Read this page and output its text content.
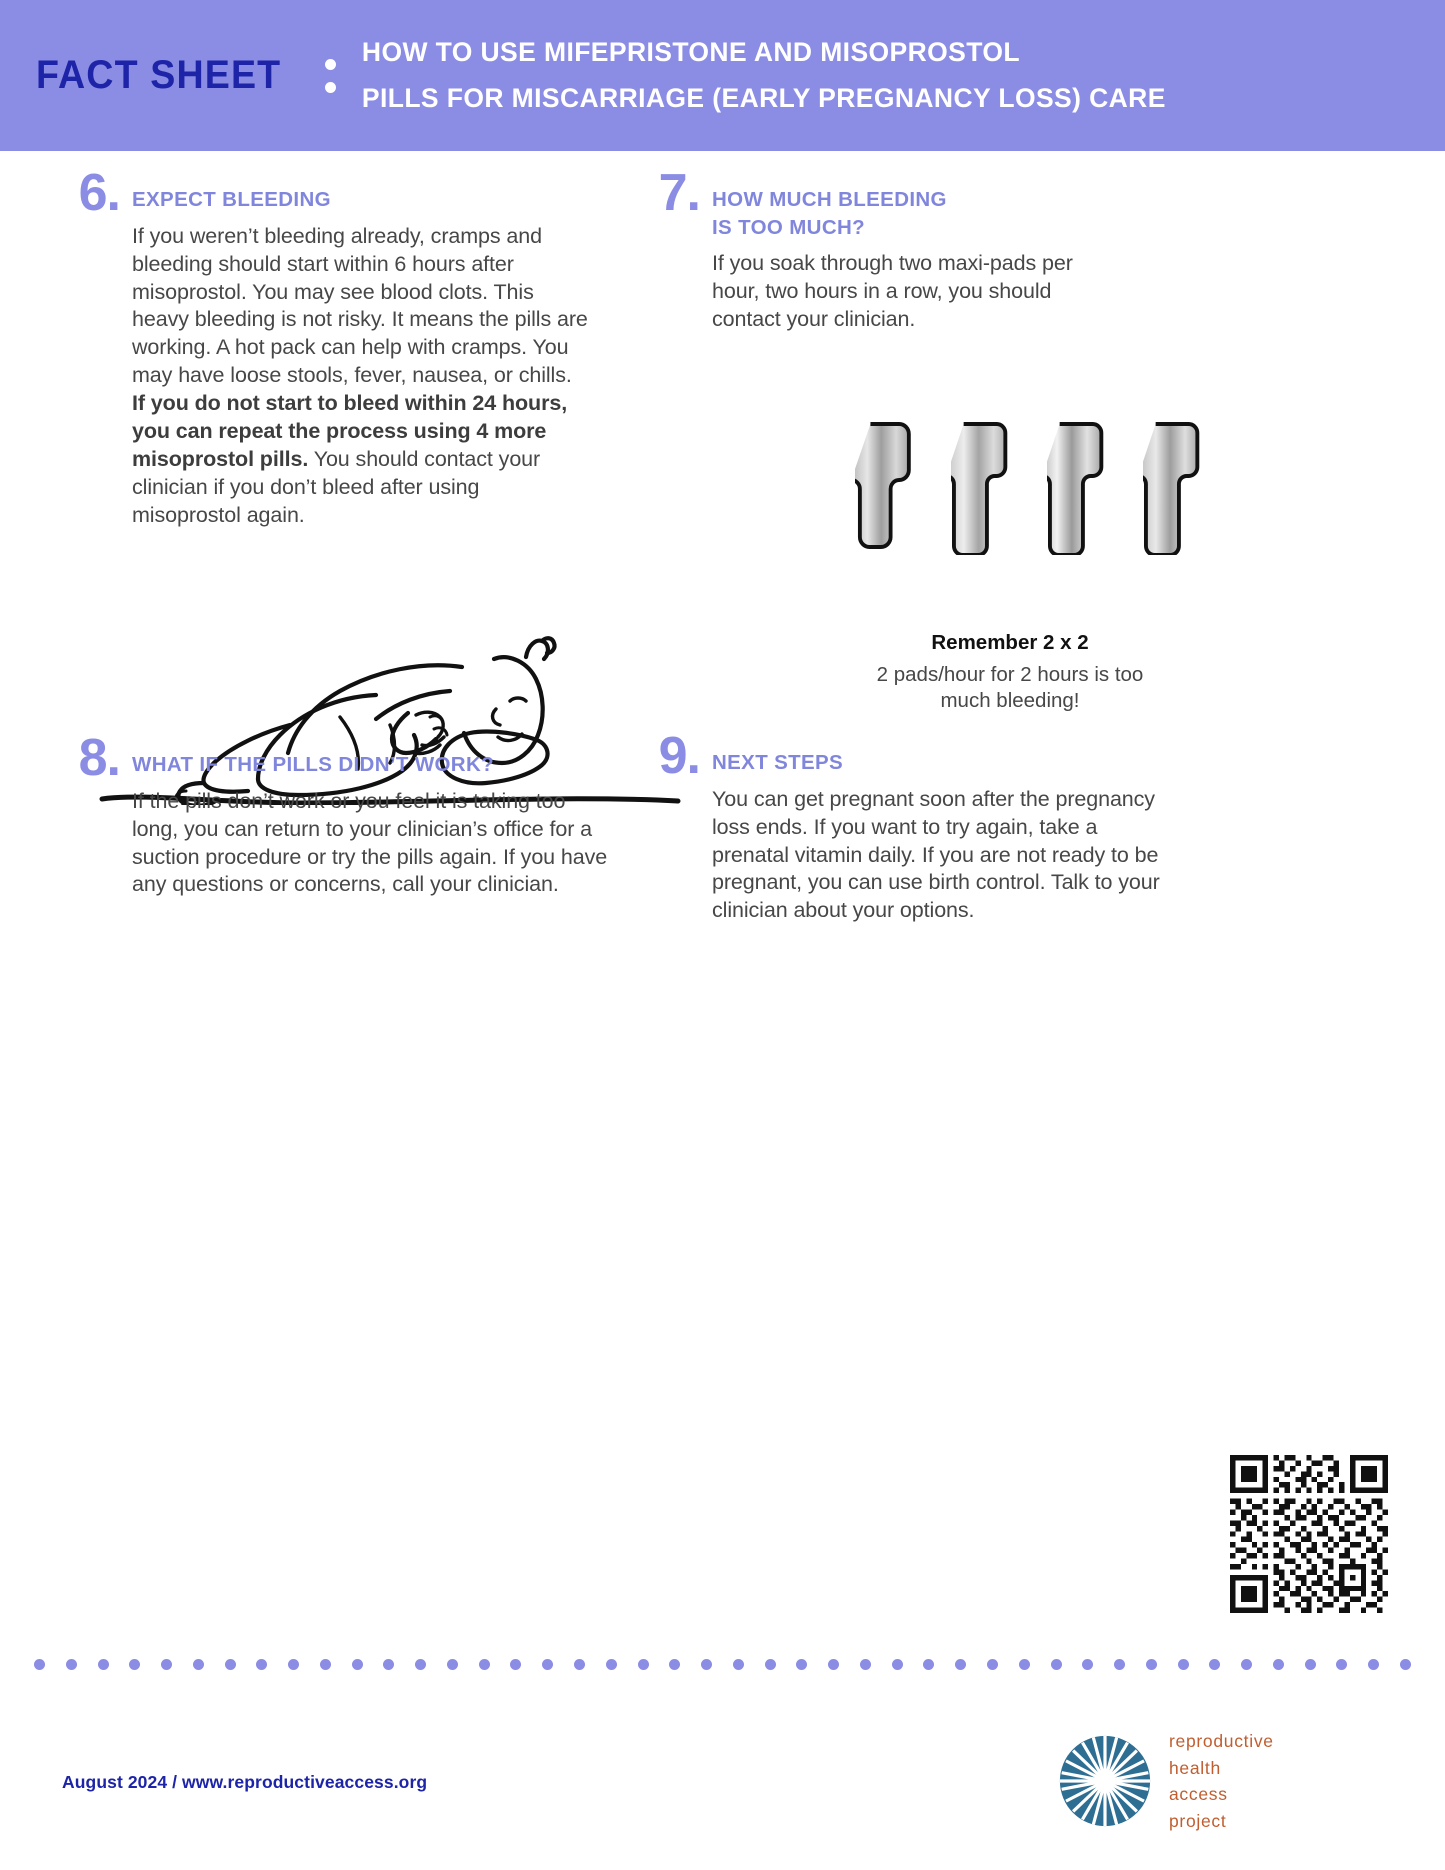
FACT SHEET
HOW TO USE MIFEPRISTONE AND MISOPROSTOL
PILLS FOR MISCARRIAGE (EARLY PREGNANCY LOSS) CARE
6. EXPECT BLEEDING
If you weren’t bleeding already, cramps and bleeding should start within 6 hours after misoprostol. You may see blood clots. This heavy bleeding is not risky. It means the pills are working. A hot pack can help with cramps. You may have loose stools, fever, nausea, or chills. If you do not start to bleed within 24 hours, you can repeat the process using 4 more misoprostol pills. You should contact your clinician if you don’t bleed after using misoprostol again.
7. HOW MUCH BLEEDING
IS TOO MUCH?
If you soak through two maxi-pads per hour, two hours in a row, you should contact your clinician.
Remember 2 x 2
2 pads/hour for 2 hours is too
much bleeding!
8. WHAT IF THE PILLS DIDN’T WORK?
If the pills don’t work or you feel it is taking too long, you can return to your clinician’s office for a suction procedure or try the pills again. If you have any questions or concerns, call your clinician.
9. NEXT STEPS
You can get pregnant soon after the pregnancy loss ends. If you want to try again, take a prenatal vitamin daily. If you are not ready to be pregnant, you can use birth control. Talk to your clinician about your options.
August 2024 / www.reproductiveaccess.org
reproductive
health
access
project
